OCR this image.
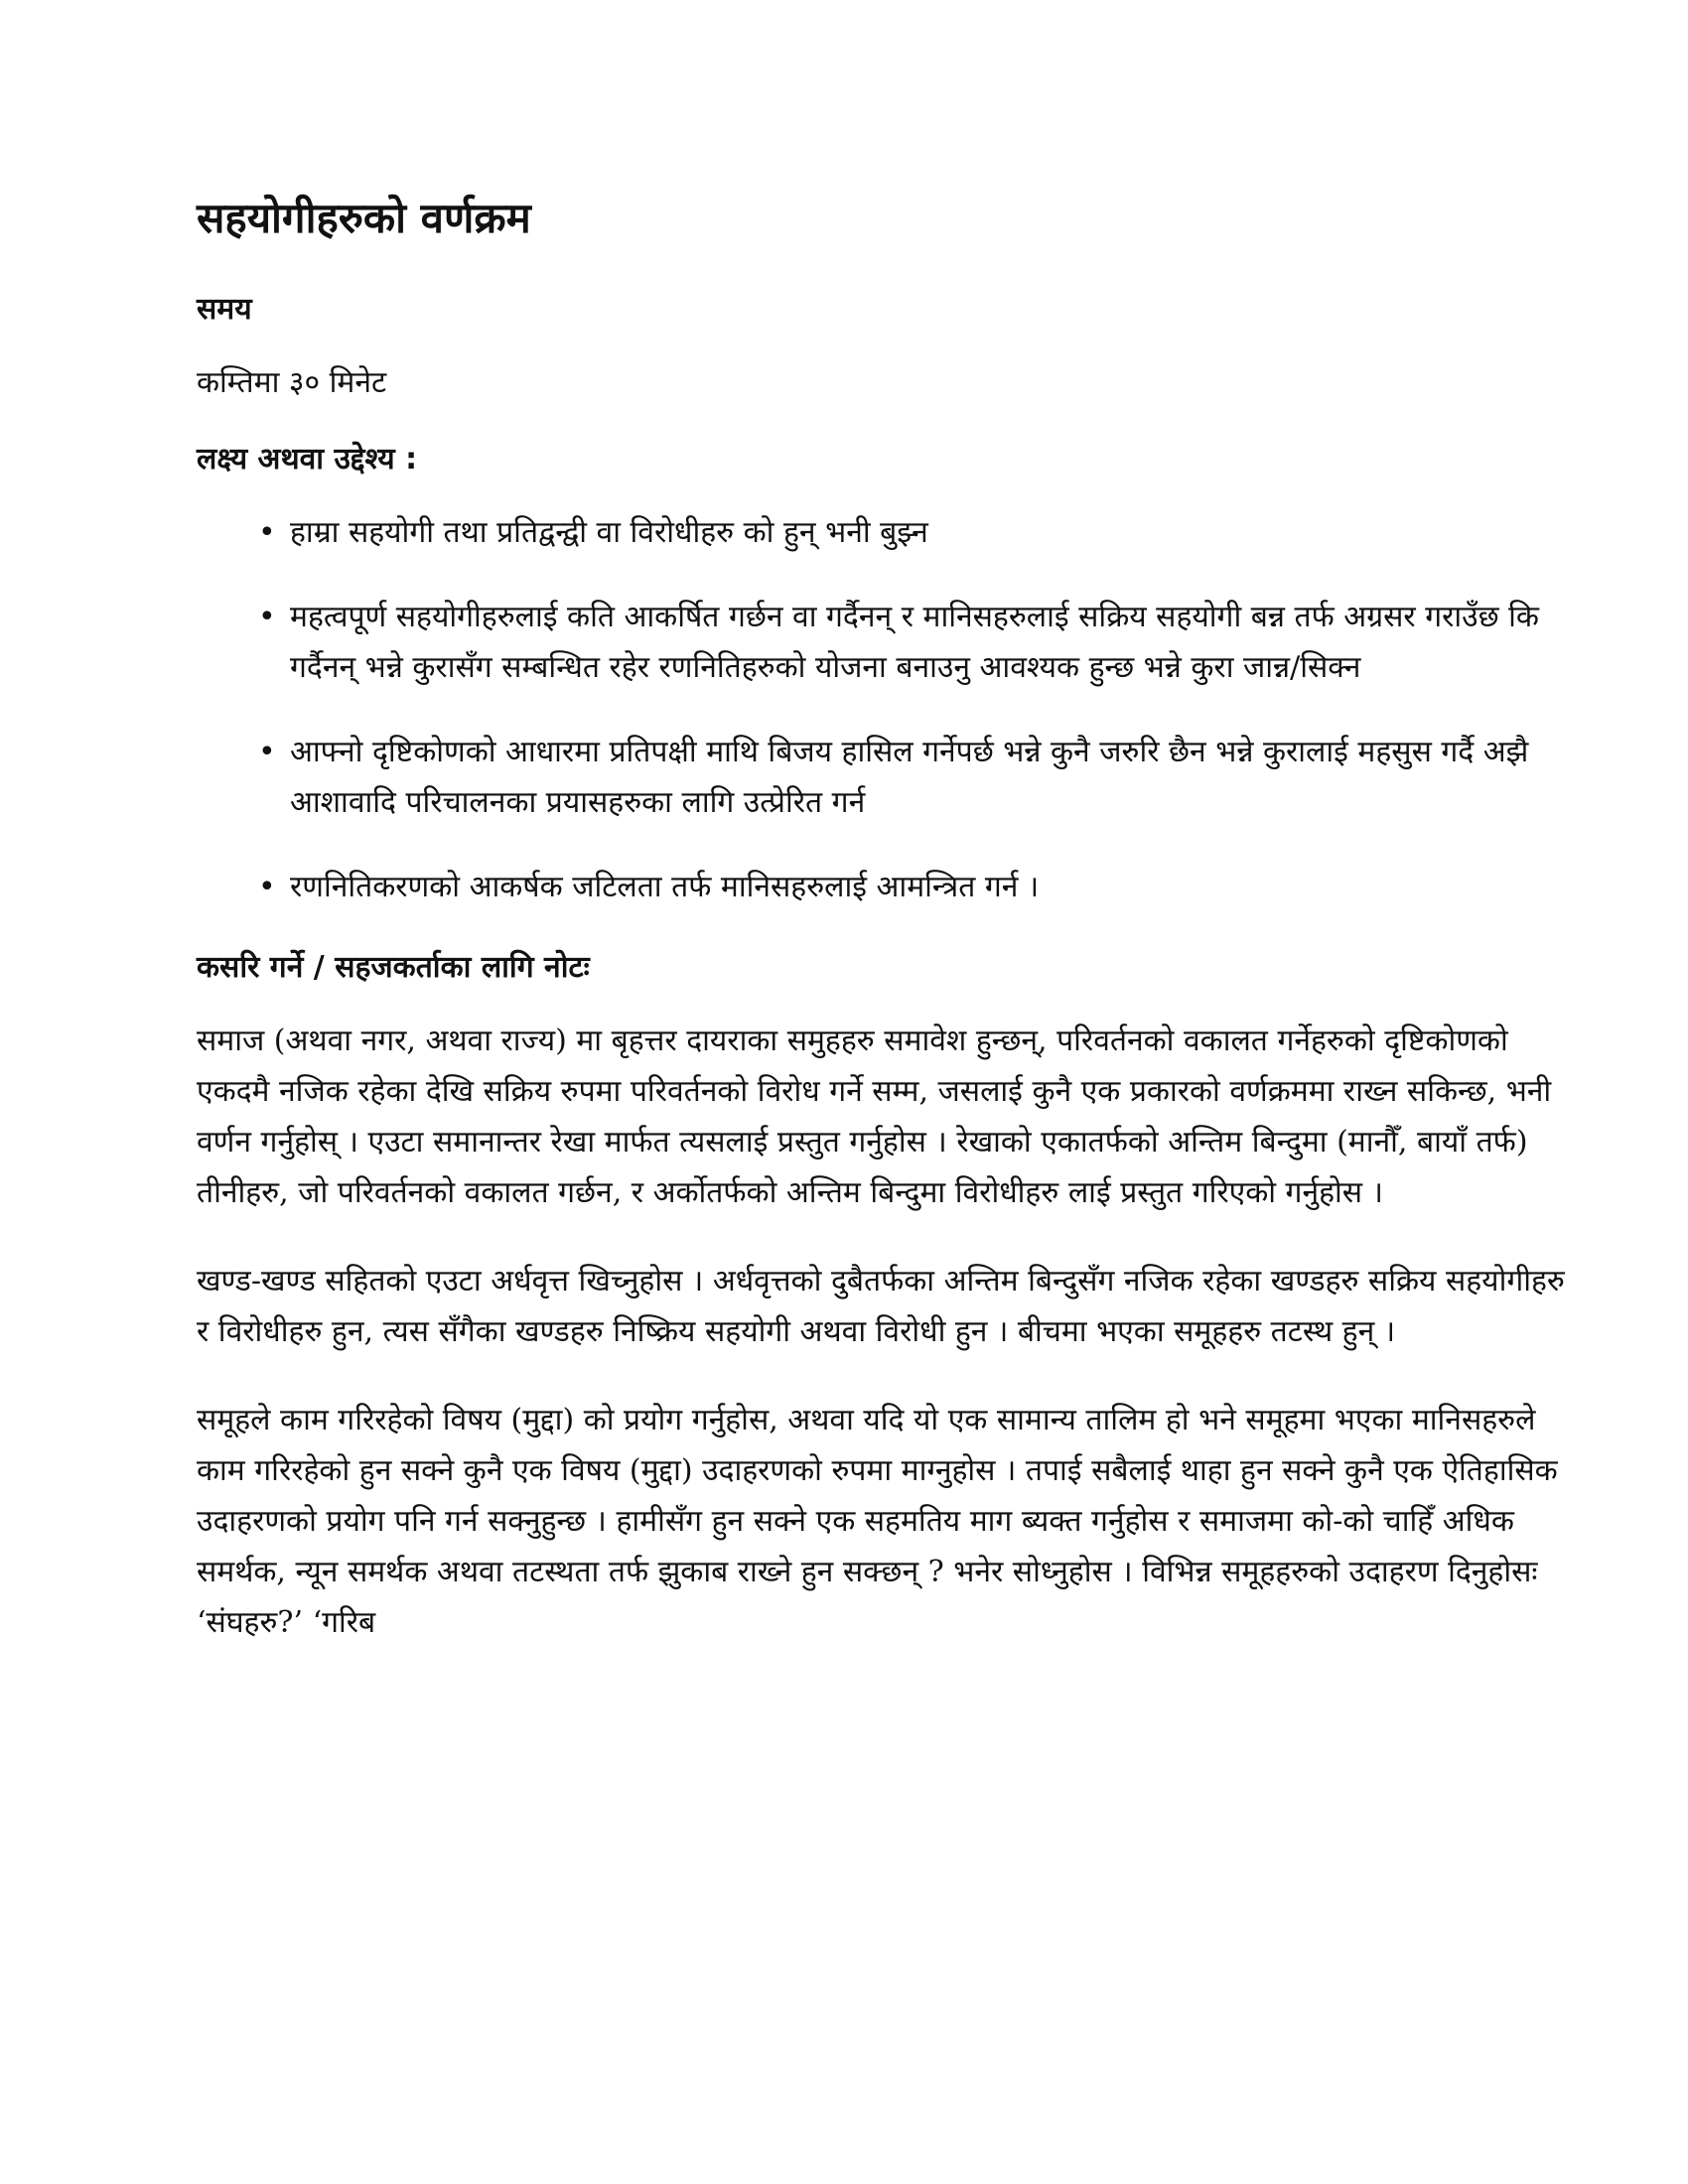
सहयोगीहरुको वर्णक्रम
समय

कम्तिमा ३० मिनेट

लक्ष्य अथवा उद्देश्य :
• हाम्रा सहयोगी तथा प्रतिद्वन्द्वी वा विरोधीहरु को हुन् भनी बुझ्न
• महत्वपूर्ण सहयोगीहरुलाई कति आकर्षित गर्छन वा गर्दैनन् र मानिसहरुलाई सक्रिय सहयोगी बन्न तर्फ अग्रसर गराउँछ कि गर्दैनन् भन्ने कुरासँग सम्बन्धित रहेर रणनितिहरुको योजना बनाउनु आवश्यक हुन्छ भन्ने कुरा जान्न/सिक्न
• आफ्नो दृष्टिकोणको आधारमा प्रतिपक्षी माथि बिजय हासिल गर्नेपर्छ भन्ने कुनै जरुरि छैन भन्ने कुरालाई महसुस गर्दै अझै आशावादि परिचालनका प्रयासहरुका लागि उत्प्रेरित गर्न
• रणनितिकरणको आकर्षक जटिलता तर्फ मानिसहरुलाई आमन्त्रित गर्न ।
कसरि गर्ने / सहजकर्ताका लागि नोटः

समाज (अथवा नगर, अथवा राज्य) मा बृहत्तर दायराका समुहहरु समावेश हुन्छन्, परिवर्तनको वकालत गर्नेहरुको दृष्टिकोणको एकदमै नजिक रहेका देखि सक्रिय रुपमा परिवर्तनको विरोध गर्ने सम्म, जसलाई कुनै एक प्रकारको वर्णक्रममा राख्न सकिन्छ, भनी वर्णन गर्नुहोस् । एउटा समानान्तर रेखा मार्फत त्यसलाई प्रस्तुत गर्नुहोस । रेखाको एकातर्फको अन्तिम बिन्दुमा (मानौँ, बायाँ तर्फ) तीनीहरु, जो परिवर्तनको वकालत गर्छन, र अर्कोतर्फको अन्तिम बिन्दुमा विरोधीहरु लाई प्रस्तुत गरिएको गर्नुहोस ।

खण्ड-खण्ड सहितको एउटा अर्धवृत्त खिच्नुहोस । अर्धवृत्तको दुबैतर्फका अन्तिम बिन्दुसँग नजिक रहेका खण्डहरु सक्रिय सहयोगीहरु र विरोधीहरु हुन, त्यस सँगैका खण्डहरु निष्क्रिय सहयोगी अथवा विरोधी हुन । बीचमा भएका समूहहरु तटस्थ हुन् ।

समूहले काम गरिरहेको विषय (मुद्दा) को प्रयोग गर्नुहोस, अथवा यदि यो एक सामान्य तालिम हो भने समूहमा भएका मानिसहरुले काम गरिरहेको हुन सक्ने कुनै एक विषय (मुद्दा) उदाहरणको रुपमा माग्नुहोस । तपाई सबैलाई थाहा हुन सक्ने कुनै एक ऐतिहासिक उदाहरणको प्रयोग पनि गर्न सक्नुहुन्छ । हामीसँग हुन सक्ने एक सहमतिय माग ब्यक्त गर्नुहोस र समाजमा को-को चाहिँ अधिक समर्थक, न्यून समर्थक अथवा तटस्थता तर्फ झुकाब राख्ने हुन सक्छन् ? भनेर सोध्नुहोस । विभिन्न समूहहरुको उदाहरण दिनुहोसः ‘संघहरु?’ ‘गरिब
